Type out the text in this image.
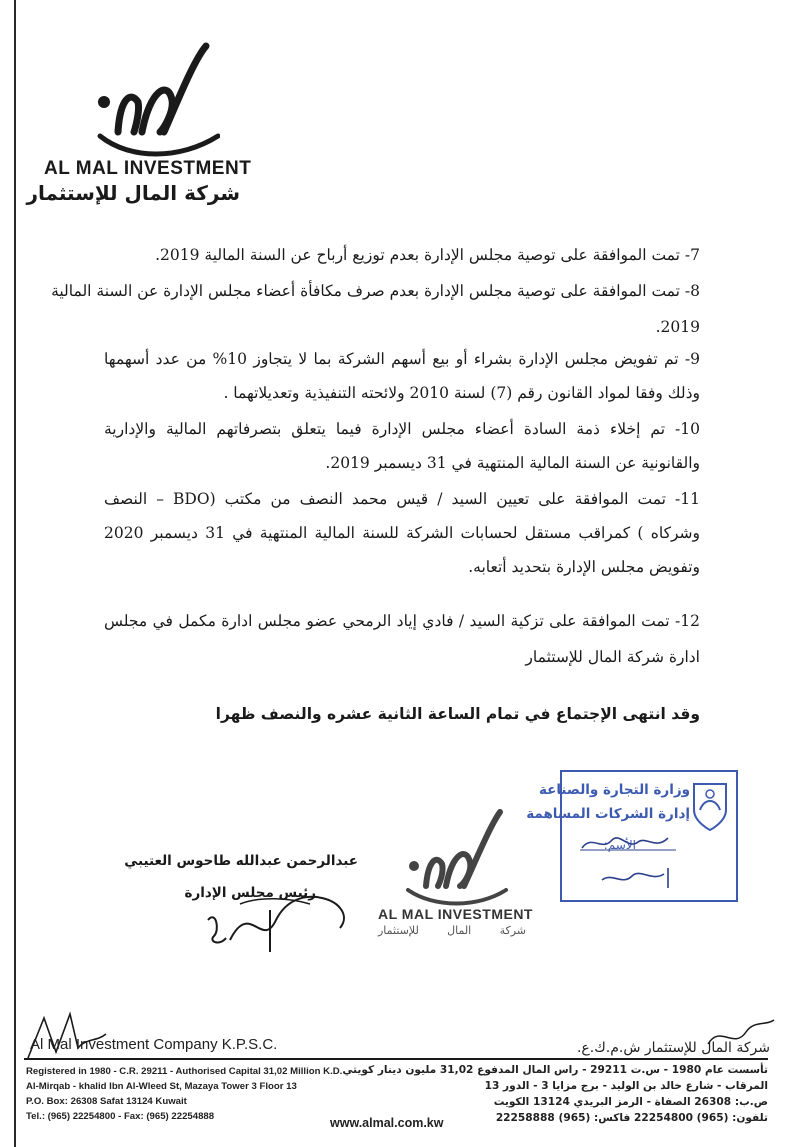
AL MAL INVESTMENT
شركة المال للإستثمار
7- تمت الموافقة على توصية مجلس الإدارة بعدم توزيع أرباح عن السنة المالية 2019.
8- تمت الموافقة على توصية مجلس الإدارة بعدم صرف مكافأة أعضاء مجلس الإدارة عن السنة المالية
2019.
9- تم تفويض مجلس الإدارة بشراء أو بيع أسهم الشركة بما لا يتجاوز 10% من عدد أسهمها
وذلك وفقا لمواد القانون رقم (7) لسنة 2010 ولائحته التنفيذية وتعديلاتهما .
10- تم إخلاء ذمة السادة أعضاء مجلس الإدارة فيما يتعلق بتصرفاتهم المالية والإدارية
والقانونية عن السنة المالية المنتهية في 31 ديسمبر 2019.
11- تمت الموافقة على تعيين السيد / قيس محمد النصف من مكتب (BDO – النصف
وشركاه ) كمراقب مستقل لحسابات الشركة للسنة المالية المنتهية في 31 ديسمبر 2020
وتفويض مجلس الإدارة بتحديد أتعابه.
12- تمت الموافقة على تزكية السيد / فادي إياد الرمحي عضو مجلس ادارة مكمل في مجلس
ادارة شركة المال للإستثمار
وقد انتهى الإجتماع في تمام الساعة الثانية عشره والنصف ظهرا
وزارة التجارة والصناعة
إدارة الشركات المساهمة
الأسم:
AL MAL INVESTMENT
شركة المال للإستثمار
عبدالرحمن عبدالله طاحوس العتيبي
رئيس مجلس الإدارة
Al Mal Investment Company K.P.S.C.	شركة المال للإستثمار ش.م.ك.ع.
Registered in 1980 - C.R. 29211 - Authorised Capital 31,02 Million K.D.
Al-Mirqab - khalid Ibn Al-Wleed St, Mazaya Tower 3 Floor 13
P.O. Box: 26308 Safat 13124 Kuwait
Tel.: (965) 22254800 - Fax: (965) 22254888
تأسست عام 1980 - س.ت 29211 - راس المال المدفوع 31,02 مليون دينار كويتي
المرقاب - شارع خالد بن الوليد - برج مزايا 3 - الدور 13
ص.ب: 26308 الصفاة - الرمز البريدي 13124 الكويت
تلفون: (965) 22254800 فاكس: (965) 22258888
www.almal.com.kw
